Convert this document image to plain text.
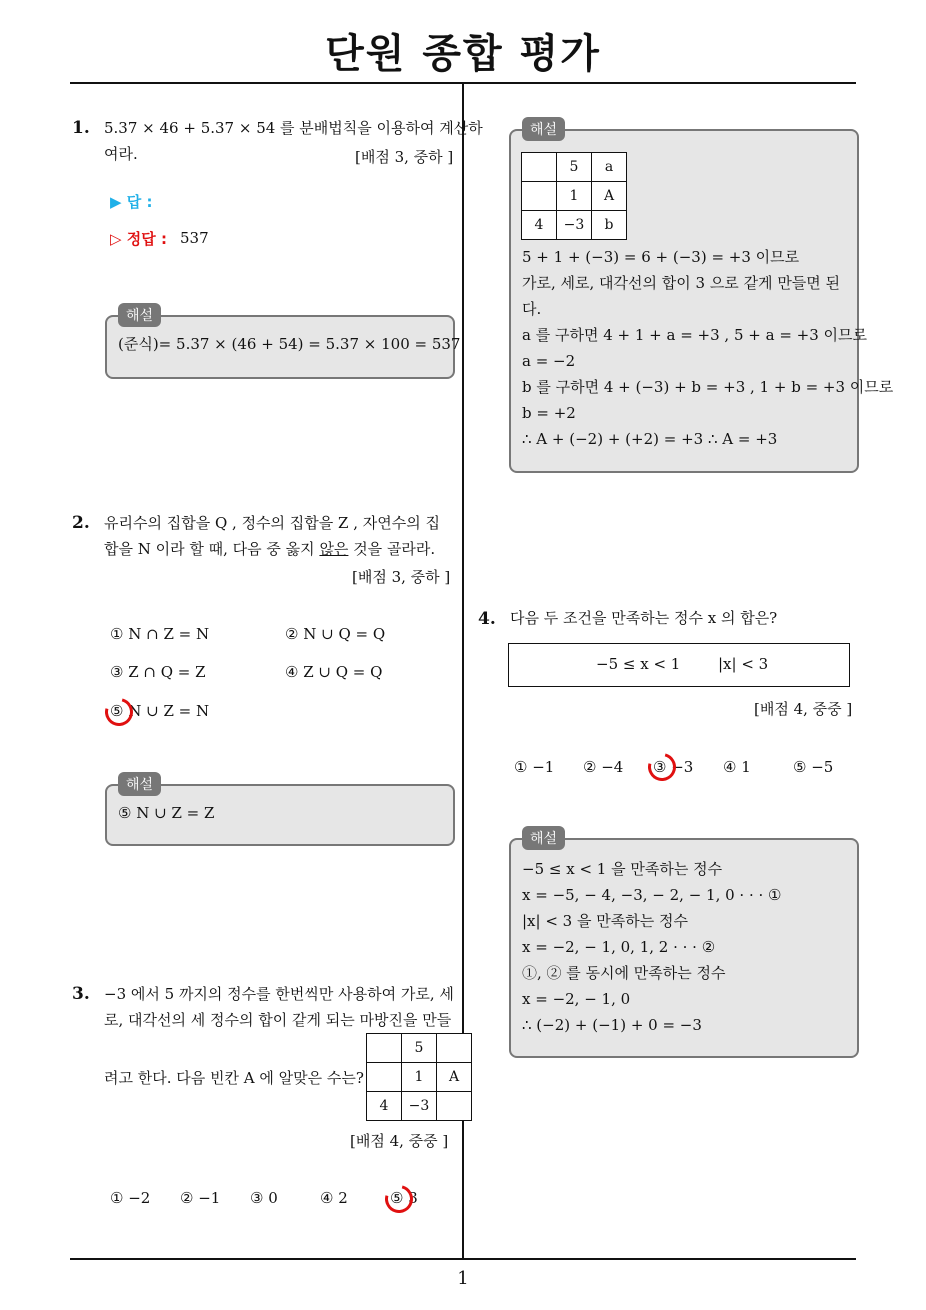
단원 종합 평가
1. 5.37 × 46 + 5.37 × 54 를 분배법칙을 이용하여 계산하
여라.	[배점 3, 중하 ]
▶ 답 :
▷ 정답 : 537
해설
(준식)= 5.37 × (46 + 54) = 5.37 × 100 = 537
2. 유리수의 집합을 Q , 정수의 집합을 Z , 자연수의 집
합을 N 이라 할 때, 다음 중 옳지 않은 것을 골라라.
[배점 3, 중하 ]
① N ∩ Z = N	② N ∪ Q = Q
③ Z ∩ Q = Z	④ Z ∪ Q = Q
⑤ N ∪ Z = N
해설
⑤ N ∪ Z = Z
3. −3 에서 5 까지의 정수를 한번씩만 사용하여 가로, 세
로, 대각선의 세 정수의 합이 같게 되는 마방진을 만들
려고 한다. 다음 빈칸 A 에 알맞은 수는?
	5	
	1	A
4	−3	
[배점 4, 중중 ]
① −2 ② −1 ③ 0	④ 2	⑤ 3
해설
	5	a
	1	A
4	−3	b
5 + 1 + (−3) = 6 + (−3) = +3 이므로
가로, 세로, 대각선의 합이 3 으로 같게 만들면 된
다.
a 를 구하면 4 + 1 + a = +3 , 5 + a = +3 이므로
a = −2
b 를 구하면 4 + (−3) + b = +3 , 1 + b = +3 이므로
b = +2
∴ A + (−2) + (+2) = +3 ∴ A = +3
4. 다음 두 조건을 만족하는 정수 x 의 합은?
−5 ≤ x < 1	|x| < 3
[배점 4, 중중 ]
① −1 ② −4 ③ −3 ④ 1	⑤ −5
해설
−5 ≤ x < 1 을 만족하는 정수
x = −5, − 4, −3, − 2, − 1, 0 · · · ①
|x| < 3 을 만족하는 정수
x = −2, − 1, 0, 1, 2 · · · ②
①, ② 를 동시에 만족하는 정수
x = −2, − 1, 0
∴ (−2) + (−1) + 0 = −3
1
